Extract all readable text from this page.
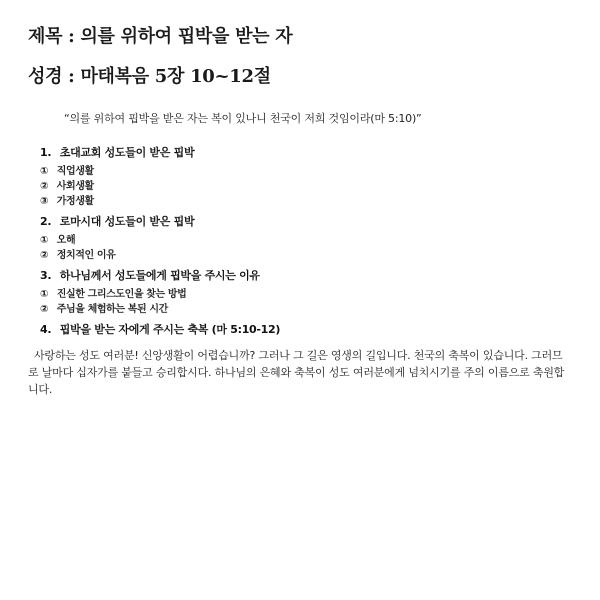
제목 : 의를 위하여 핍박을 받는 자
성경 : 마태복음 5장 10~12절
“의를 위하여 핍박을 받은 자는 복이 있나니 천국이 저희 것임이라(마 5:10)”
1. 초대교회 성도들이 받은 핍박
① 직업생활
② 사회생활
③ 가정생활
2. 로마시대 성도들이 받은 핍박
① 오해
② 정치적인 이유
3. 하나님께서 성도들에게 핍박을 주시는 이유
① 진실한 그리스도인을 찾는 방법
② 주님을 체험하는 복된 시간
4. 핍박을 받는 자에게 주시는 축복 (마 5:10-12)
사랑하는 성도 여러분! 신앙생활이 어렵습니까? 그러나 그 길은 영생의 길입니다. 천국의 축복이 있습니다. 그러므로 날마다 십자가를 붙들고 승리합시다. 하나님의 은혜와 축복이 성도 여러분에게 넘치시기를 주의 이름으로 축원합니다.
